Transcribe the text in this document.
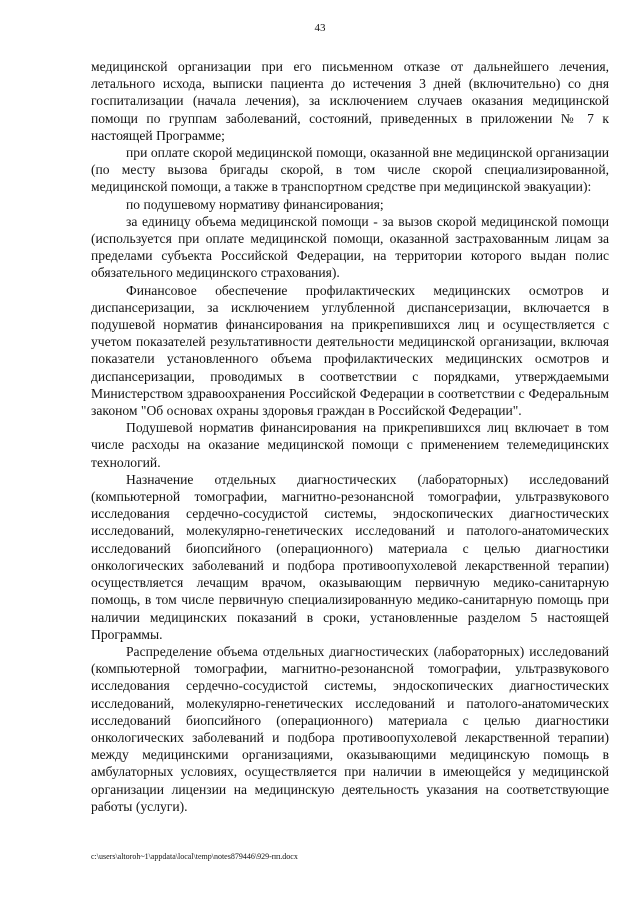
43

медицинской организации при его письменном отказе от дальнейшего лечения, летального исхода, выписки пациента до истечения 3 дней (включительно) со дня госпитализации (начала лечения), за исключением случаев оказания медицинской помощи по группам заболеваний, состояний, приведенных в приложении № 7 к настоящей Программе;

при оплате скорой медицинской помощи, оказанной вне медицинской организации (по месту вызова бригады скорой, в том числе скорой специализированной, медицинской помощи, а также в транспортном средстве при медицинской эвакуации):

по подушевому нормативу финансирования;

за единицу объема медицинской помощи - за вызов скорой медицинской помощи (используется при оплате медицинской помощи, оказанной застрахованным лицам за пределами субъекта Российской Федерации, на территории которого выдан полис обязательного медицинского страхования).

Финансовое обеспечение профилактических медицинских осмотров и диспансеризации, за исключением углубленной диспансеризации, включается в подушевой норматив финансирования на прикрепившихся лиц и осуществляется с учетом показателей результативности деятельности медицинской организации, включая показатели установленного объема профилактических медицинских осмотров и диспансеризации, проводимых в соответствии с порядками, утверждаемыми Министерством здравоохранения Российской Федерации в соответствии с Федеральным законом "Об основах охраны здоровья граждан в Российской Федерации".

Подушевой норматив финансирования на прикрепившихся лиц включает в том числе расходы на оказание медицинской помощи с применением телемедицинских технологий.

Назначение отдельных диагностических (лабораторных) исследований (компьютерной томографии, магнитно-резонансной томографии, ультразвукового исследования сердечно-сосудистой системы, эндоскопических диагностических исследований, молекулярно-генетических исследований и патолого-анатомических исследований биопсийного (операционного) материала с целью диагностики онкологических заболеваний и подбора противоопухолевой лекарственной терапии) осуществляется лечащим врачом, оказывающим первичную медико-санитарную помощь, в том числе первичную специализированную медико-санитарную помощь при наличии медицинских показаний в сроки, установленные разделом 5 настоящей Программы.

Распределение объема отдельных диагностических (лабораторных) исследований (компьютерной томографии, магнитно-резонансной томографии, ультразвукового исследования сердечно-сосудистой системы, эндоскопических диагностических исследований, молекулярно-генетических исследований и патолого-анатомических исследований биопсийного (операционного) материала с целью диагностики онкологических заболеваний и подбора противоопухолевой лекарственной терапии) между медицинскими организациями, оказывающими медицинскую помощь в амбулаторных условиях, осуществляется при наличии в имеющейся у медицинской организации лицензии на медицинскую деятельность указания на соответствующие работы (услуги).

c:\users\altoroh~1\appdata\local\temp\notes879446\929-пп.docx
